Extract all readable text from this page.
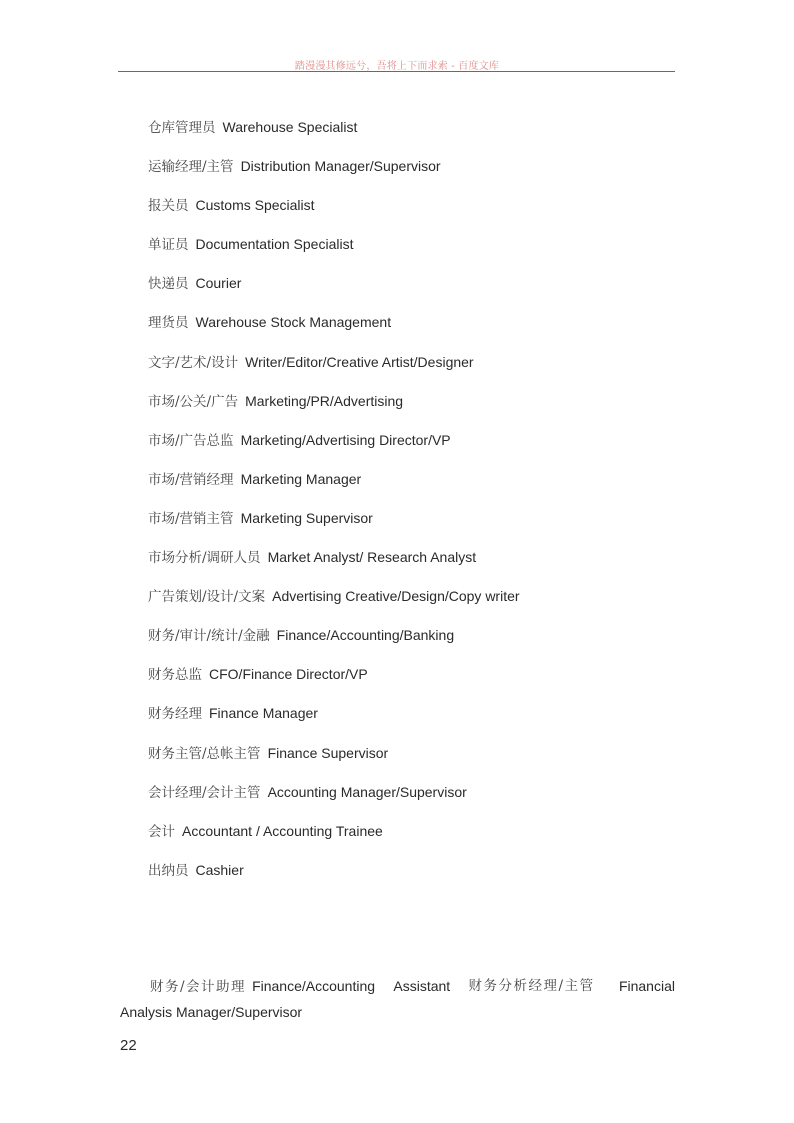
踏漫漫其修远兮，吾将上下而求索 - 百度文库
仓库管理员 Warehouse Specialist
运输经理/主管 Distribution Manager/Supervisor
报关员 Customs Specialist
单证员 Documentation Specialist
快递员 Courier
理货员 Warehouse Stock Management
文字/艺术/设计 Writer/Editor/Creative Artist/Designer
市场/公关/广告 Marketing/PR/Advertising
市场/广告总监 Marketing/Advertising Director/VP
市场/营销经理 Marketing Manager
市场/营销主管 Marketing Supervisor
市场分析/调研人员 Market Analyst/ Research Analyst
广告策划/设计/文案 Advertising Creative/Design/Copy writer
财务/审计/统计/金融 Finance/Accounting/Banking
财务总监 CFO/Finance Director/VP
财务经理 Finance Manager
财务主管/总帐主管 Finance Supervisor
会计经理/会计主管 Accounting Manager/Supervisor
会计 Accountant / Accounting Trainee
出纳员 Cashier
财务/会计助理 Finance/Accounting Assistant 财务分析经理/主管	Financial
Analysis Manager/Supervisor
22
